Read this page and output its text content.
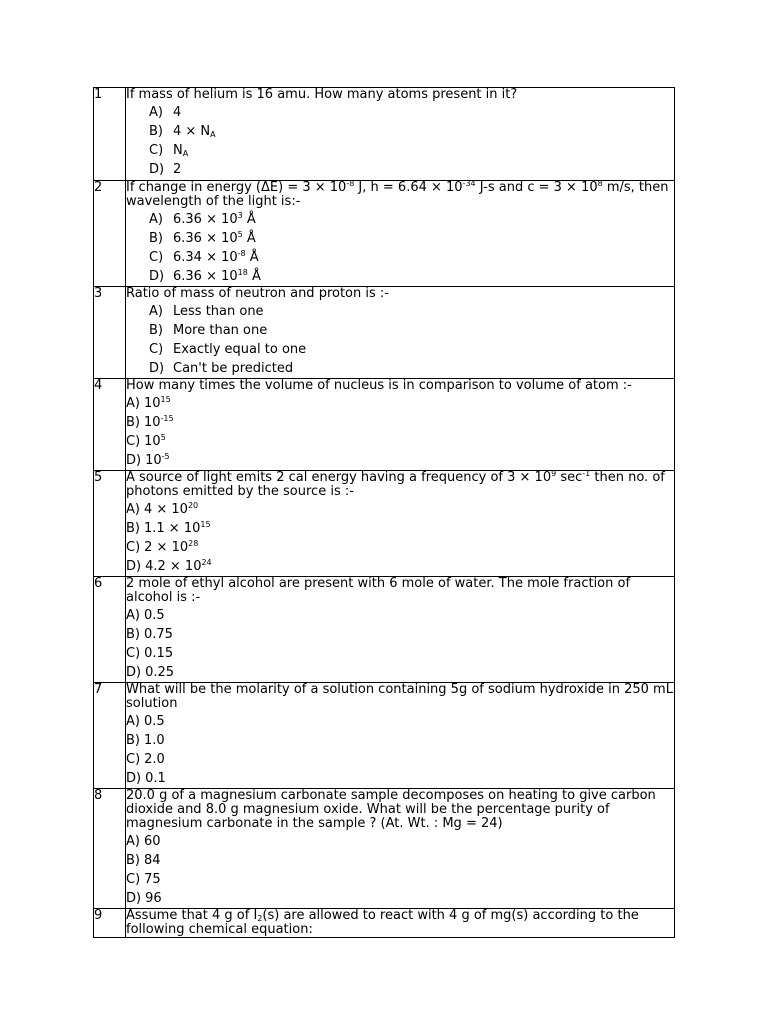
1	If mass of helium is 16 amu. How many atoms present in it?
A) 4
B) $4 \times N_A$
C) $N_A$
D) 2

2	If change in energy $(\Delta E) = 3 \times 10^{-8}$ J, $h = 6.64 \times 10^{-34}$ J-s and $c = 3 \times 10^8$ m/s, then wavelength of the light is:-
A) $6.36 \times 10^3$ Å
B) $6.36 \times 10^5$ Å
C) $6.34 \times 10^{-8}$ Å
D) $6.36 \times 10^{18}$ Å

3	Ratio of mass of neutron and proton is :-
A) Less than one
B) More than one
C) Exactly equal to one
D) Can't be predicted

4	How many times the volume of nucleus is in comparison to volume of atom :-
A) $10^{15}$
B) $10^{-15}$
C) $10^5$
D) $10^{-5}$

5	A source of light emits 2 cal energy having a frequency of $3 \times 10^9$ $\sec^{-1}$ then no. of photons emitted by the source is :-
A) $4 \times 10^{20}$
B) $1.1 \times 10^{15}$
C) $2 \times 10^{28}$
D) $4.2 \times 10^{24}$

6	2 mole of ethyl alcohol are present with 6 mole of water. The mole fraction of alcohol is :-
A) 0.5
B) 0.75
C) 0.15
D) 0.25

7	What will be the molarity of a solution containing 5g of sodium hydroxide in 250 mL solution
A) 0.5
B) 1.0
C) 2.0
D) 0.1

8	20.0 g of a magnesium carbonate sample decomposes on heating to give carbon dioxide and 8.0 g magnesium oxide. What will be the percentage purity of magnesium carbonate in the sample ? (At. Wt. : Mg = 24)
A) 60
B) 84
C) 75
D) 96

9	Assume that 4 g of $I_2(s)$ are allowed to react with 4 g of mg(s) according to the following chemical equation:
